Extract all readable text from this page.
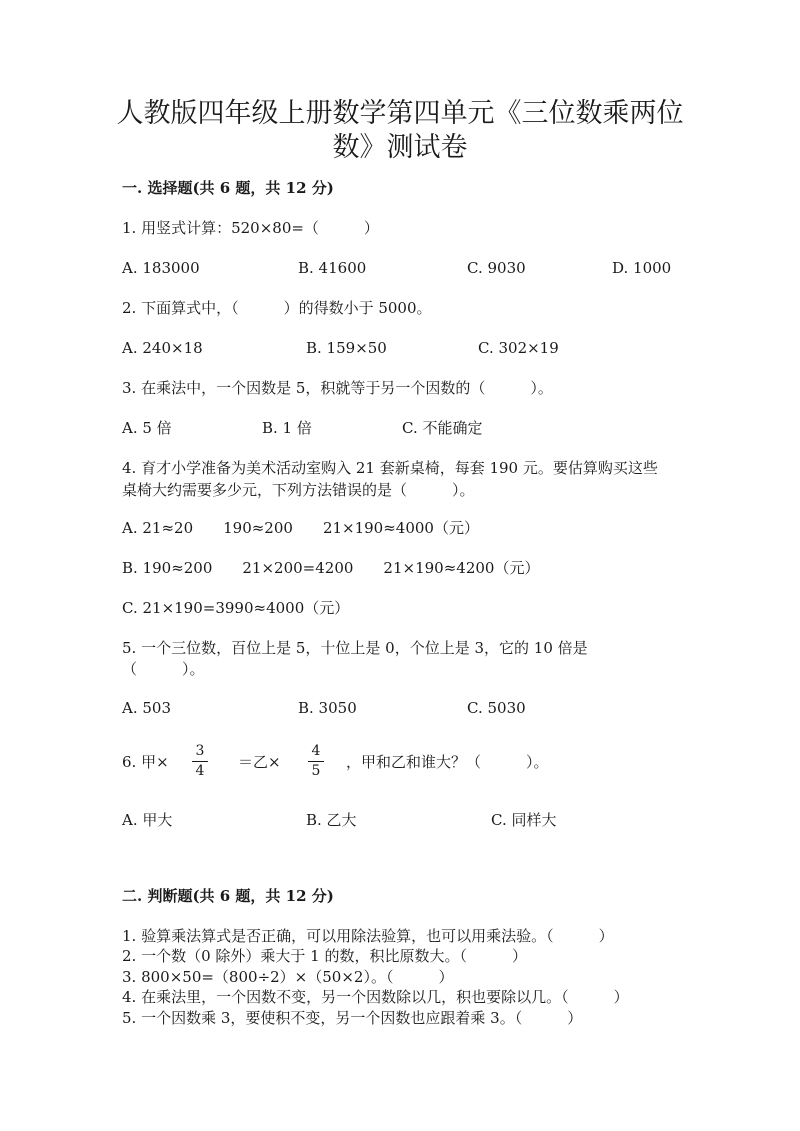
人教版四年级上册数学第四单元《三位数乘两位
数》测试卷
一. 选择题(共 6 题，共 12 分)
1. 用竖式计算：520×80=（　　　）
A. 183000	B. 41600	C. 9030	D. 1000
2. 下面算式中，（　　　）的得数小于 5000。
A. 240×18	B. 159×50	C. 302×19
3. 在乘法中，一个因数是 5，积就等于另一个因数的（　　　）。
A. 5 倍	B. 1 倍	C. 不能确定
4. 育才小学准备为美术活动室购入 21 套新桌椅，每套 190 元。要估算购买这些
桌椅大约需要多少元，下列方法错误的是（　　　）。
A. 21≈20　　190≈200　　21×190≈4000（元）
B. 190≈200　　21×200=4200　　21×190≈4200（元）
C. 21×190=3990≈4000（元）
5. 一个三位数，百位上是 5，十位上是 0，个位上是 3，它的 10 倍是
（　　　）。
A. 503	B. 3050	C. 5030
6. 甲×
3
4	＝乙×
4
5	，甲和乙和谁大？（　　　）。
A. 甲大	B. 乙大	C. 同样大
二. 判断题(共 6 题，共 12 分)
1. 验算乘法算式是否正确，可以用除法验算，也可以用乘法验。（　　　）
2. 一个数（0 除外）乘大于 1 的数，积比原数大。（　　　）
3. 800×50=（800÷2）×（50×2）。（　　　）
4. 在乘法里，一个因数不变，另一个因数除以几，积也要除以几。（　　　）
5. 一个因数乘 3，要使积不变，另一个因数也应跟着乘 3。（　　　）
